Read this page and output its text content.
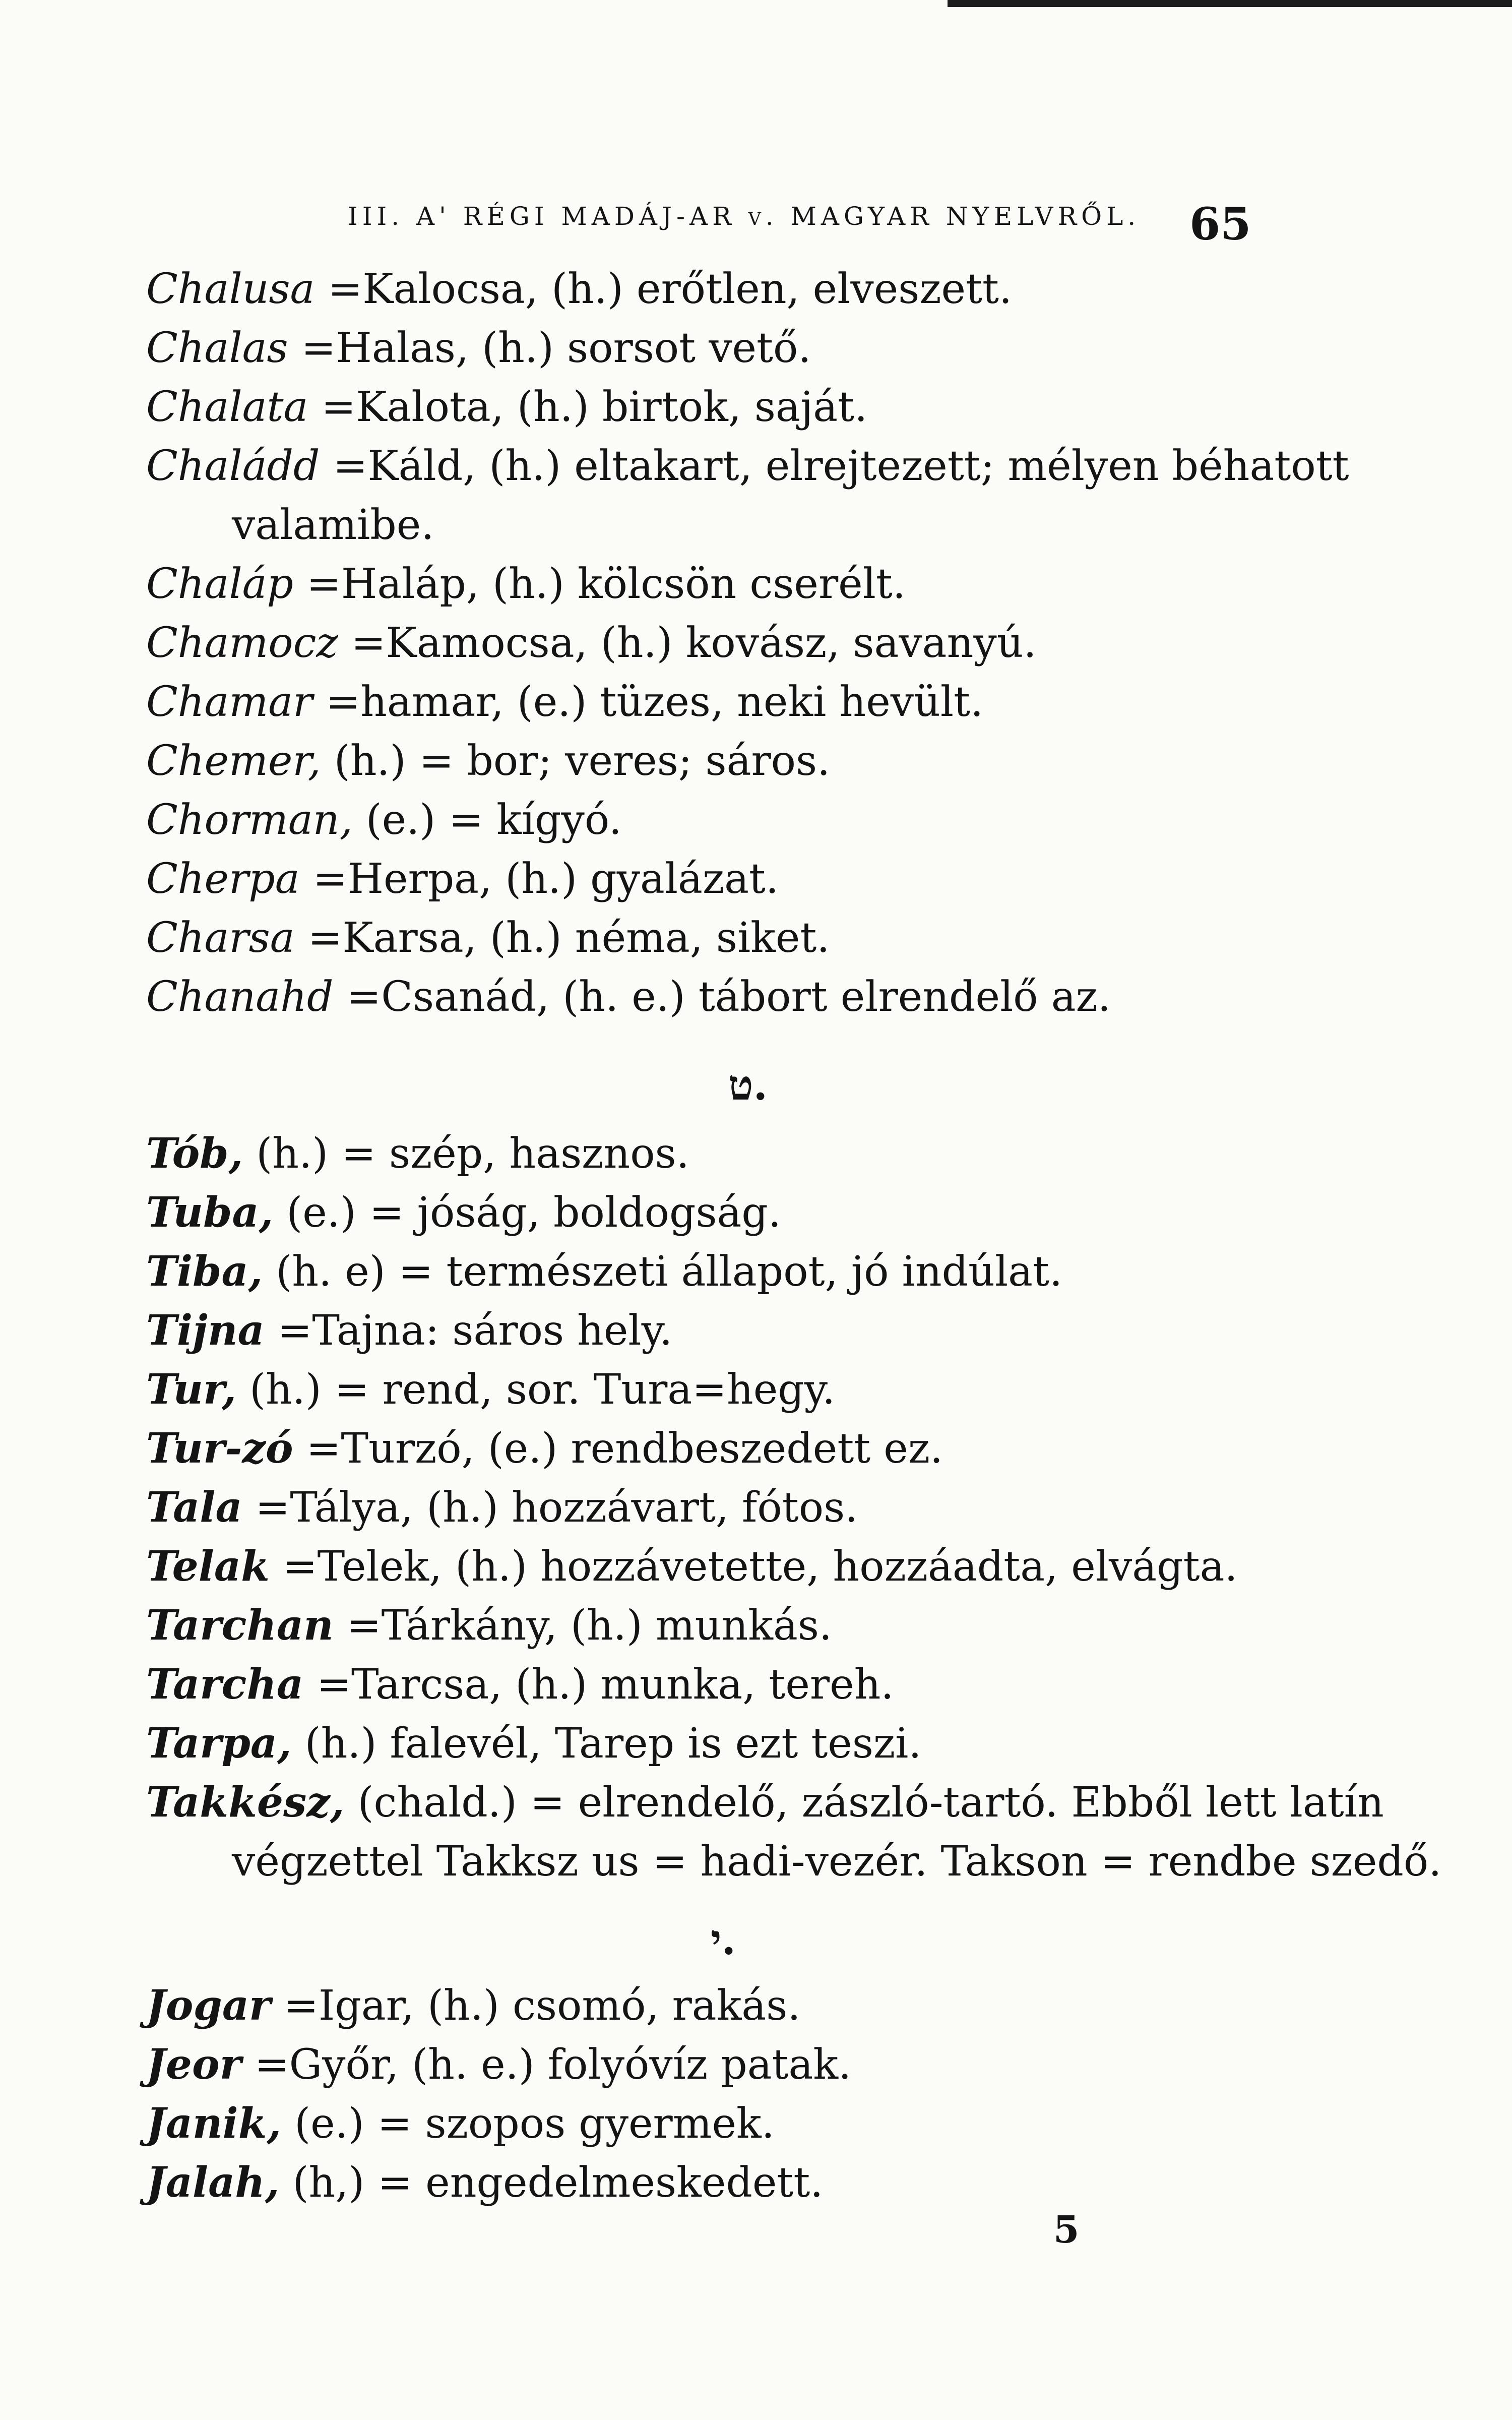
III. A' RÉGI MADÁJ-AR v. MAGYAR NYELVRŐL. 65
Chalusa =Kalocsa, (h.) erőtlen, elveszett.
Chalas =Halas, (h.) sorsot vető.
Chalata =Kalota, (h.) birtok, saját.
Chaládd =Káld, (h.) eltakart, elrejtezett; mélyen béhatott
valamibe.
Chaláp =Haláp, (h.) kölcsön cserélt.
Chamocz =Kamocsa, (h.) kovász, savanyú.
Chamar =hamar, (e.) tüzes, neki hevült.
Chemer, (h.) = bor; veres; sáros.
Chorman, (e.) = kígyó.
Cherpa =Herpa, (h.) gyalázat.
Charsa =Karsa, (h.) néma, siket.
Chanahd =Csanád, (h. e.) tábort elrendelő az.
ט.
Tób, (h.) = szép, hasznos.
Tuba, (e.) = jóság, boldogság.
Tiba, (h. e) = természeti állapot, jó indúlat.
Tijna =Tajna: sáros hely.
Tur, (h.) = rend, sor. Tura=hegy.
Tur-zó =Turzó, (e.) rendbeszedett ez.
Tala =Tályа, (h.) hozzávart, fótos.
Telak =Telek, (h.) hozzávetette, hozzáadta, elvágta.
Tarchan =Tárkány, (h.) munkás.
Tarcha =Tarcsa, (h.) munka, tereh.
Tarpa, (h.) falevél, Tarep is ezt teszi.
Takkész, (chald.) = elrendelő, zászló-tartó. Ebből lett latín
végzettel Takksz us = hadi-vezér. Takson = rendbe szedő.
י.
Jogar =Igar, (h.) csomó, rakás.
Jeor =Győr, (h. e.) folyóvíz patak.
Janik, (e.) = szopos gyermek.
Jalah, (h,) = engedelmeskedett.
5
